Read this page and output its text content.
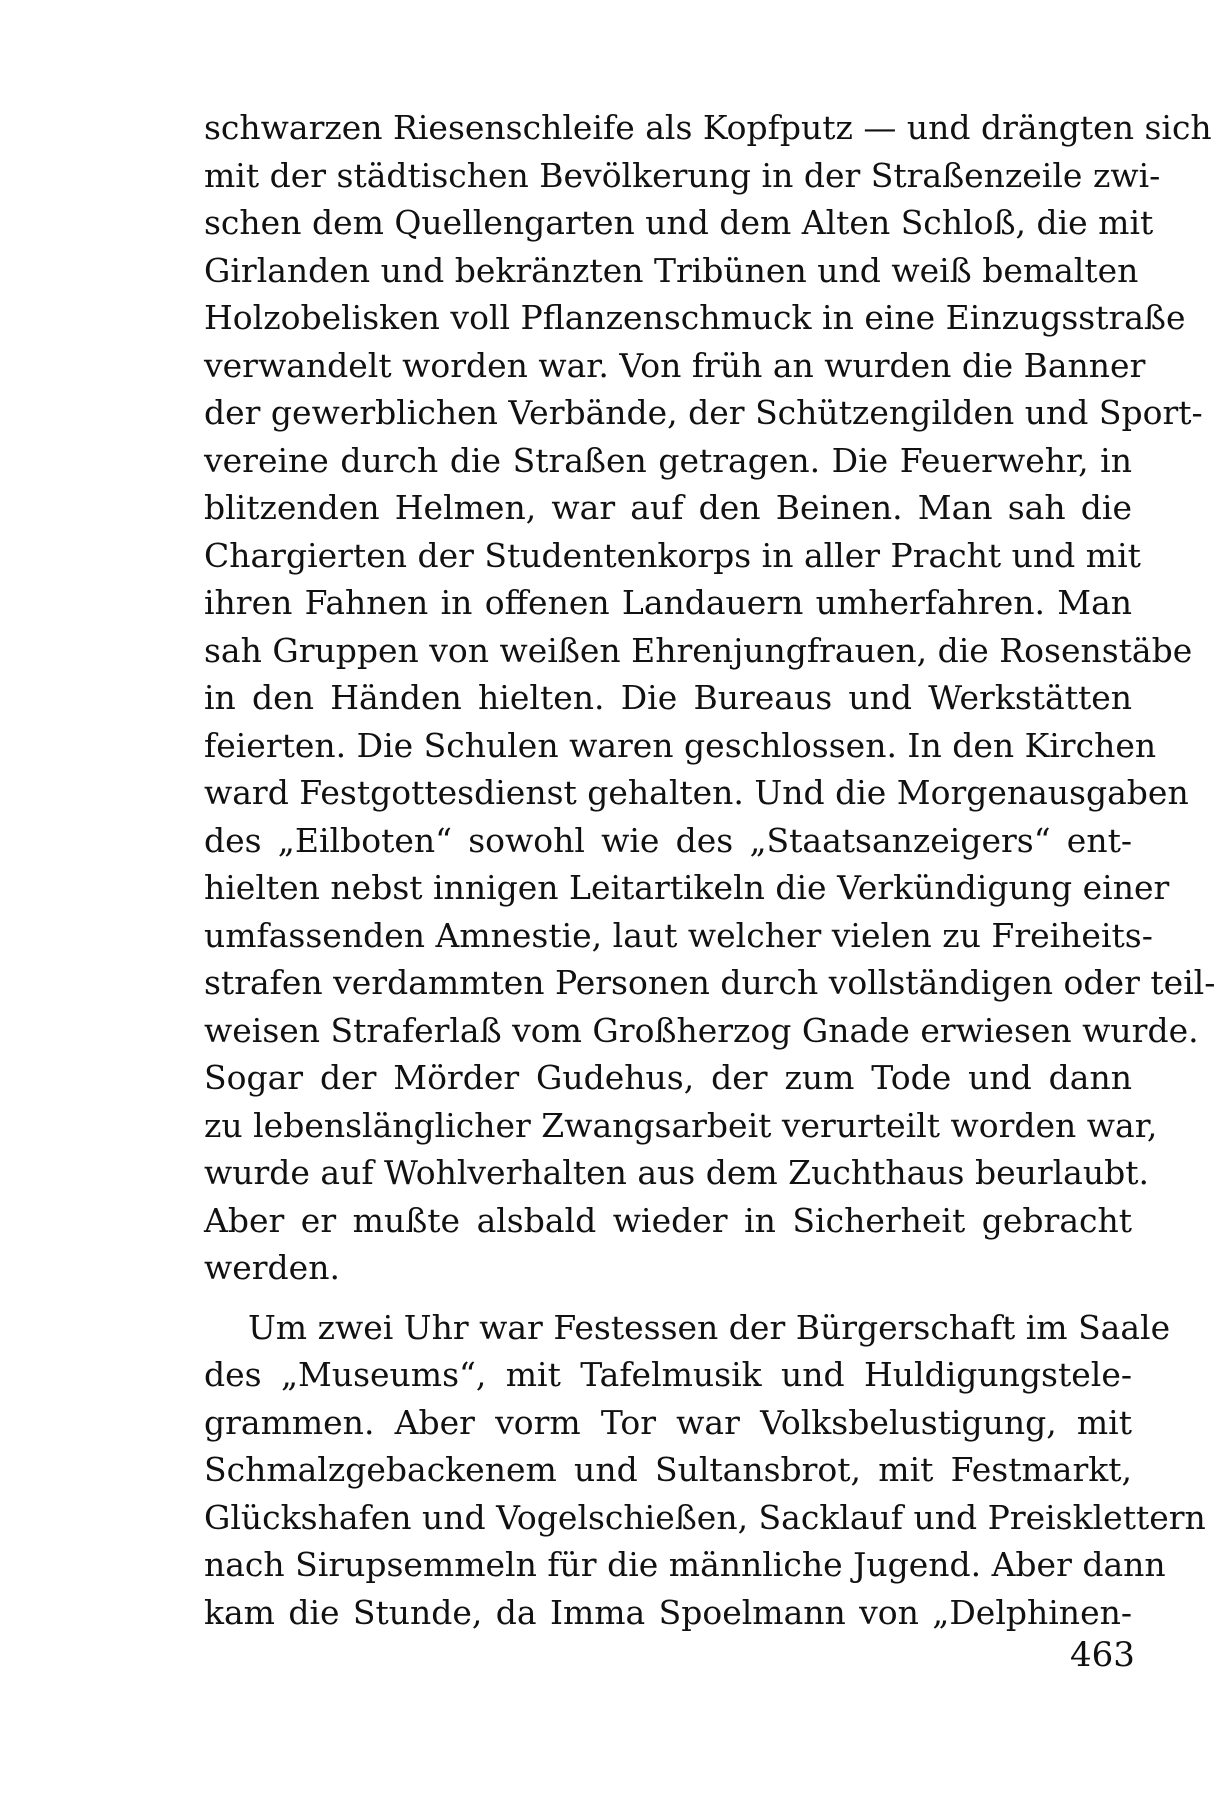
schwarzen Riesenschleife als Kopfputz — und drängten sich
mit der städtischen Bevölkerung in der Straßenzeile zwi-
schen dem Quellengarten und dem Alten Schloß, die mit
Girlanden und bekränzten Tribünen und weiß bemalten
Holzobelisken voll Pflanzenschmuck in eine Einzugsstraße
verwandelt worden war. Von früh an wurden die Banner
der gewerblichen Verbände, der Schützengilden und Sport-
vereine durch die Straßen getragen. Die Feuerwehr, in
blitzenden Helmen, war auf den Beinen. Man sah die
Chargierten der Studentenkorps in aller Pracht und mit
ihren Fahnen in offenen Landauern umherfahren. Man
sah Gruppen von weißen Ehrenjungfrauen, die Rosenstäbe
in den Händen hielten. Die Bureaus und Werkstätten
feierten. Die Schulen waren geschlossen. In den Kirchen
ward Festgottesdienst gehalten. Und die Morgenausgaben
des „Eilboten“ sowohl wie des „Staatsanzeigers“ ent-
hielten nebst innigen Leitartikeln die Verkündigung einer
umfassenden Amnestie, laut welcher vielen zu Freiheits-
strafen verdammten Personen durch vollständigen oder teil-
weisen Straferlaß vom Großherzog Gnade erwiesen wurde.
Sogar der Mörder Gudehus, der zum Tode und dann
zu lebenslänglicher Zwangsarbeit verurteilt worden war,
wurde auf Wohlverhalten aus dem Zuchthaus beurlaubt.
Aber er mußte alsbald wieder in Sicherheit gebracht
werden.
Um zwei Uhr war Festessen der Bürgerschaft im Saale
des „Museums“, mit Tafelmusik und Huldigungstele-
grammen. Aber vorm Tor war Volksbelustigung, mit
Schmalzgebackenem und Sultansbrot, mit Festmarkt,
Glückshafen und Vogelschießen, Sacklauf und Preisklettern
nach Sirupsemmeln für die männliche Jugend. Aber dann
kam die Stunde, da Imma Spoelmann von „Delphinen-
463
